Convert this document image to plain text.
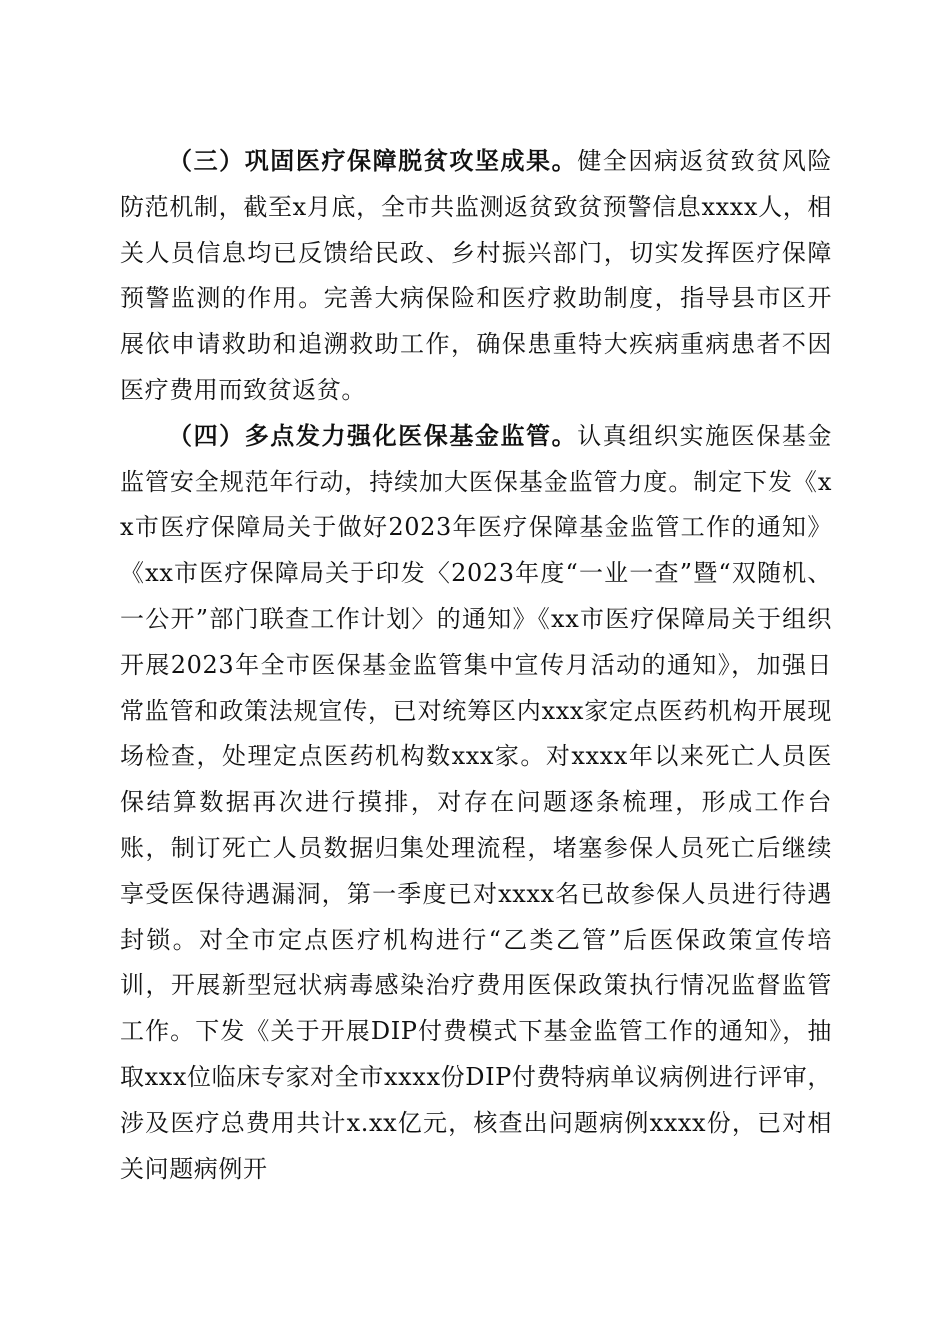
（三）巩固医疗保障脱贫攻坚成果。健全因病返贫致贫风险防范机制，截至x月底，全市共监测返贫致贫预警信息xxxx人，相关人员信息均已反馈给民政、乡村振兴部门，切实发挥医疗保障预警监测的作用。完善大病保险和医疗救助制度，指导县市区开展依申请救助和追溯救助工作，确保患重特大疾病重病患者不因医疗费用而致贫返贫。

（四）多点发力强化医保基金监管。认真组织实施医保基金监管安全规范年行动，持续加大医保基金监管力度。制定下发《xx市医疗保障局关于做好2023年医疗保障基金监管工作的通知》《xx市医疗保障局关于印发〈2023年度“一业一查”暨“双随机、一公开”部门联查工作计划〉的通知》《xx市医疗保障局关于组织开展2023年全市医保基金监管集中宣传月活动的通知》，加强日常监管和政策法规宣传，已对统筹区内xxx家定点医药机构开展现场检查，处理定点医药机构数xxx家。对xxxx年以来死亡人员医保结算数据再次进行摸排，对存在问题逐条梳理，形成工作台账，制订死亡人员数据归集处理流程，堵塞参保人员死亡后继续享受医保待遇漏洞，第一季度已对xxxx名已故参保人员进行待遇封锁。对全市定点医疗机构进行“乙类乙管”后医保政策宣传培训，开展新型冠状病毒感染治疗费用医保政策执行情况监督监管工作。下发《关于开展DIP付费模式下基金监管工作的通知》，抽取xxx位临床专家对全市xxxx份DIP付费特病单议病例进行评审，涉及医疗总费用共计x.xx亿元，核查出问题病例xxxx份，已对相关问题病例开
